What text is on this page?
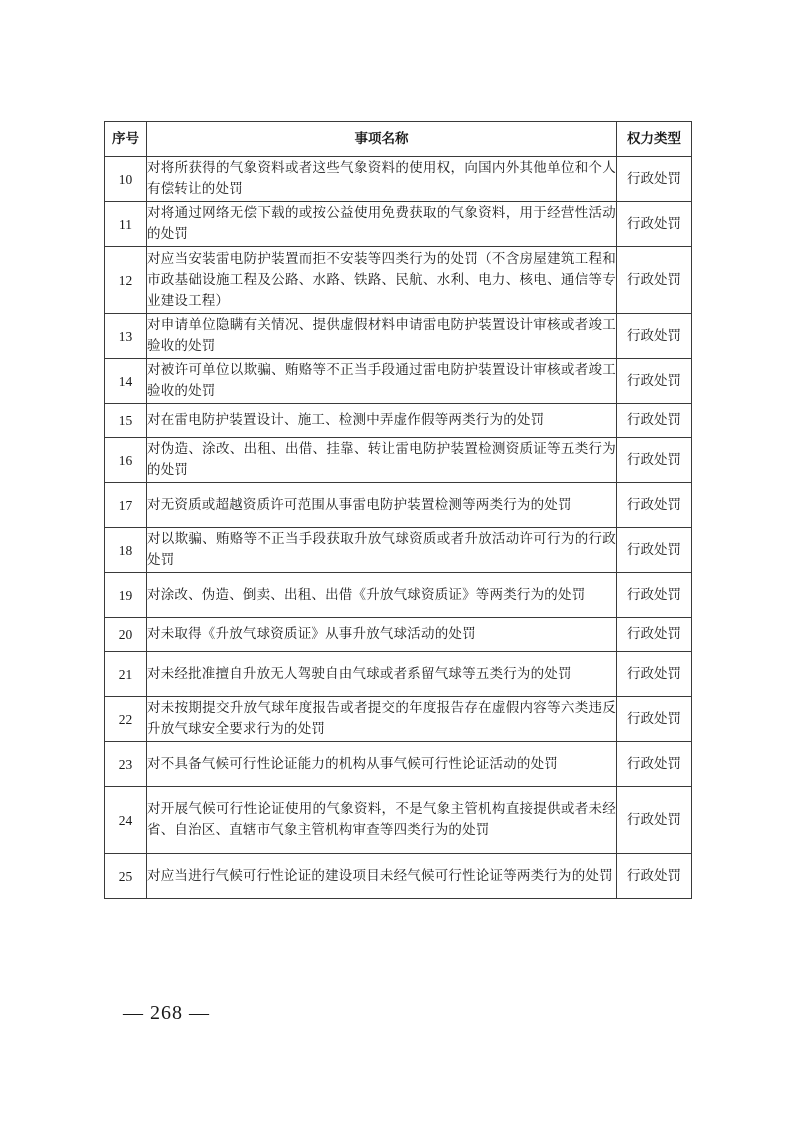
序号	事项名称	权力类型
10	对将所获得的气象资料或者这些气象资料的使用权，向国内外其他单位和个人有偿转让的处罚	行政处罚
11	对将通过网络无偿下载的或按公益使用免费获取的气象资料，用于经营性活动的处罚	行政处罚
12	对应当安装雷电防护装置而拒不安装等四类行为的处罚（不含房屋建筑工程和市政基础设施工程及公路、水路、铁路、民航、水利、电力、核电、通信等专业建设工程）	行政处罚
13	对申请单位隐瞒有关情况、提供虚假材料申请雷电防护装置设计审核或者竣工验收的处罚	行政处罚
14	对被许可单位以欺骗、贿赂等不正当手段通过雷电防护装置设计审核或者竣工验收的处罚	行政处罚
15	对在雷电防护装置设计、施工、检测中弄虚作假等两类行为的处罚	行政处罚
16	对伪造、涂改、出租、出借、挂靠、转让雷电防护装置检测资质证等五类行为的处罚	行政处罚
17	对无资质或超越资质许可范围从事雷电防护装置检测等两类行为的处罚	行政处罚
18	对以欺骗、贿赂等不正当手段获取升放气球资质或者升放活动许可行为的行政处罚	行政处罚
19	对涂改、伪造、倒卖、出租、出借《升放气球资质证》等两类行为的处罚	行政处罚
20	对未取得《升放气球资质证》从事升放气球活动的处罚	行政处罚
21	对未经批准擅自升放无人驾驶自由气球或者系留气球等五类行为的处罚	行政处罚
22	对未按期提交升放气球年度报告或者提交的年度报告存在虚假内容等六类违反升放气球安全要求行为的处罚	行政处罚
23	对不具备气候可行性论证能力的机构从事气候可行性论证活动的处罚	行政处罚
24	对开展气候可行性论证使用的气象资料，不是气象主管机构直接提供或者未经省、自治区、直辖市气象主管机构审查等四类行为的处罚	行政处罚
25	对应当进行气候可行性论证的建设项目未经气候可行性论证等两类行为的处罚	行政处罚
— 268 —
